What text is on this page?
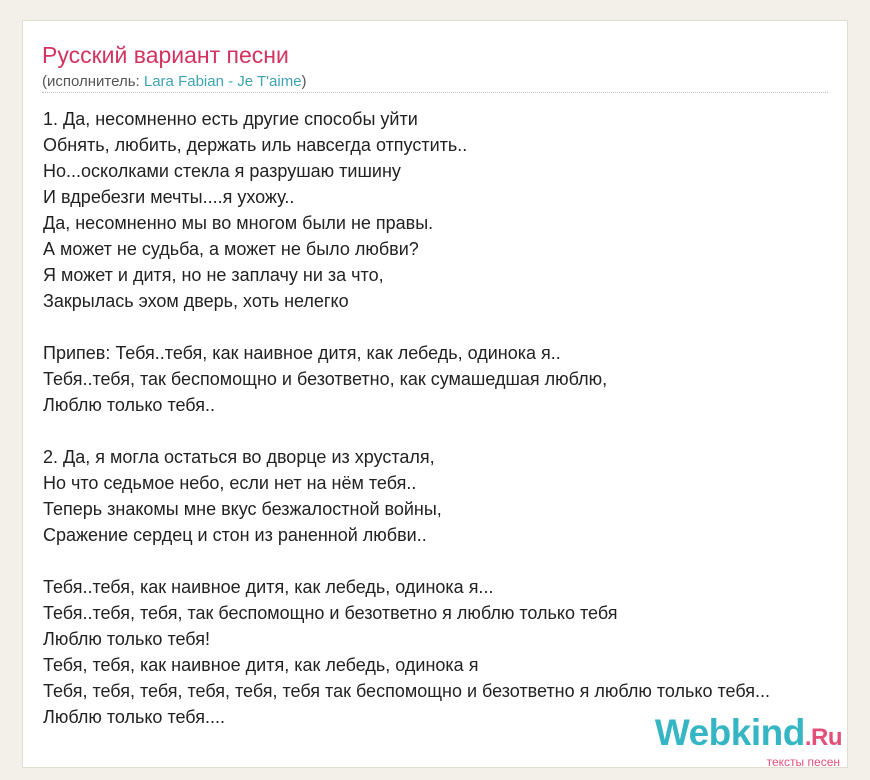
Русский вариант песни
(исполнитель: Lara Fabian - Je T'aime)
1. Да, несомненно есть другие способы уйти
Обнять, любить, держать иль навсегда отпустить..
Но...осколками стекла я разрушаю тишину
И вдребезги мечты....я ухожу..
Да, несомненно мы во многом были не правы.
А может не судьба, а может не было любви?
Я может и дитя, но не заплачу ни за что,
Закрылась эхом дверь, хоть нелегко
Припев: Тебя..тебя, как наивное дитя, как лебедь, одинока я..
Тебя..тебя, так беспомощно и безответно, как сумашедшая люблю,
Люблю только тебя..
2. Да, я могла остаться во дворце из хрусталя,
Но что седьмое небо, если нет на нём тебя..
Теперь знакомы мне вкус безжалостной войны,
Сражение сердец и стон из раненной любви..
Тебя..тебя, как наивное дитя, как лебедь, одинока я...
Тебя..тебя, тебя, так беспомощно и безответно я люблю только тебя
Люблю только тебя!
Тебя, тебя, как наивное дитя, как лебедь, одинока я
Тебя, тебя, тебя, тебя, тебя, тебя так беспомощно и безответно я люблю только тебя...
Люблю только тебя....	Webkind.Ru
тексты песен
